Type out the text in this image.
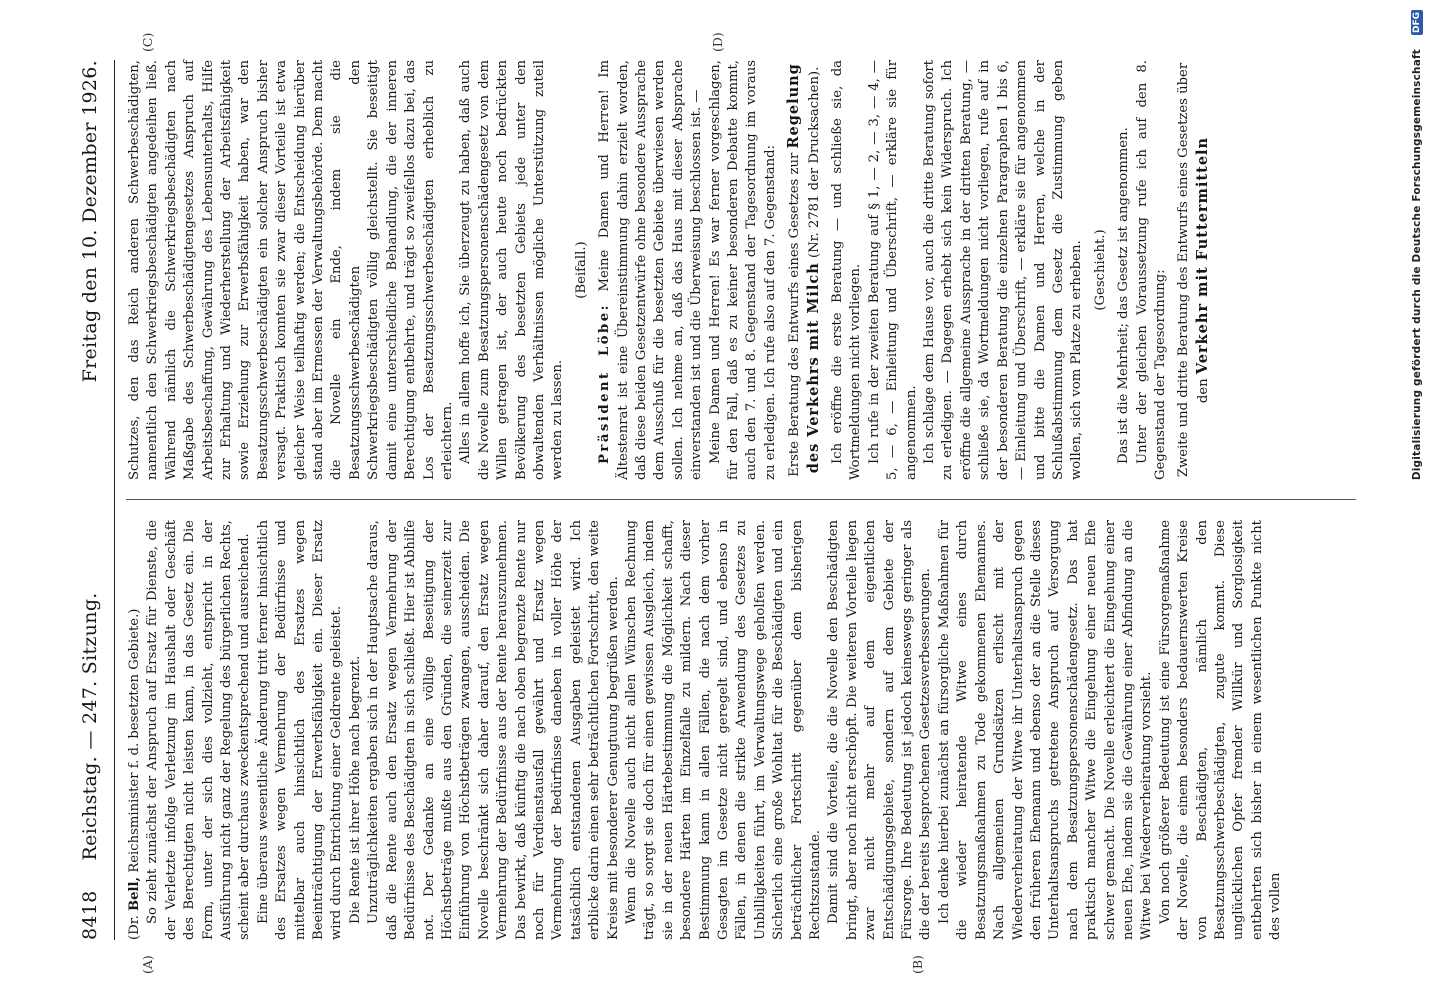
8418
Reichstag. — 247. Sitzung.
Freitag den 10. Dezember 1926.
(A)	(B)
(C)	(D)

(Dr. Bell, Reichsminister f. d. besetzten Gebiete.) So zieht zunächst der Anspruch auf Ersatz für Dienste, die der Verletzte infolge Verletzung im Haushalt oder Geschäft des Berechtigten nicht leisten kann, in das Gesetz ein. Die Form, unter der sich dies vollzieht, entspricht in der Ausführung nicht ganz der Regelung des bürgerlichen Rechts, scheint aber durchaus zweckentsprechend und ausreichend. Eine überaus wesentliche Änderung tritt ferner hinsichtlich des Ersatzes wegen Vermehrung der Bedürfnisse und mittelbar auch hinsichtlich des Ersatzes wegen Beeinträchtigung der Erwerbsfähigkeit ein. Dieser Ersatz wird durch Entrichtung einer Geldrente geleistet. Die Rente ist ihrer Höhe nach begrenzt. Unzuträglichkeiten ergaben sich in der Hauptsache daraus, daß die Rente auch den Ersatz wegen Vermehrung der Bedürfnisse des Beschädigten in sich schließt. Hier ist Abhilfe not. Der Gedanke an eine völlige Beseitigung der Höchstbeträge mußte aus den Gründen, die seinerzeit zur Einführung von Höchstbeträgen zwangen, ausscheiden. Die Novelle beschränkt sich daher darauf, den Ersatz wegen Vermehrung der Bedürfnisse aus der Rente herauszunehmen. Das bewirkt, daß künftig die nach oben begrenzte Rente nur noch für Verdienstausfall gewährt und Ersatz wegen Vermehrung der Bedürfnisse daneben in voller Höhe der tatsächlich entstandenen Ausgaben geleistet wird. Ich erblicke darin einen sehr beträchtlichen Fortschritt, den weite Kreise mit besonderer Genugtuung begrüßen werden. Wenn die Novelle auch nicht allen Wünschen Rechnung trägt, so sorgt sie doch für einen gewissen Ausgleich, indem sie in der neuen Härtebestimmung die Möglichkeit schafft, besondere Härten im Einzelfalle zu mildern. Nach dieser Bestimmung kann in allen Fällen, die nach dem vorher Gesagten im Gesetze nicht geregelt sind, und ebenso in Fällen, in denen die strikte Anwendung des Gesetzes zu Unbilligkeiten führt, im Verwaltungswege geholfen werden. Sicherlich eine große Wohltat für die Beschädigten und ein beträchtlicher Fortschritt gegenüber dem bisherigen Rechtszustande. Damit sind die Vorteile, die die Novelle den Beschädigten bringt, aber noch nicht erschöpft. Die weiteren Vorteile liegen zwar nicht mehr auf dem eigentlichen Entschädigungsgebiete, sondern auf dem Gebiete der Fürsorge. Ihre Bedeutung ist jedoch keineswegs geringer als die der bereits besprochenen Gesetzesverbesserungen. Ich denke hierbei zunächst an fürsorgliche Maßnahmen für die wieder heiratende Witwe eines durch Besatzungsmaßnahmen zu Tode gekommenen Ehemannes. Nach allgemeinen Grundsätzen erlischt mit der Wiederverheiratung der Witwe ihr Unterhaltsanspruch gegen den früheren Ehemann und ebenso der an die Stelle dieses Unterhaltsanspruchs getretene Anspruch auf Versorgung nach dem Besatzungspersonenschädengesetz. Das hat praktisch mancher Witwe die Eingehung einer neuen Ehe schwer gemacht. Die Novelle erleichtert die Eingehung einer neuen Ehe, indem sie die Gewährung einer Abfindung an die Witwe bei Wiederverheiratung vorsieht. Von noch größerer Bedeutung ist eine Fürsorgemaßnahme der Novelle, die einem besonders bedauernswerten Kreise von Beschädigten, nämlich den Besatzungsschwerbeschädigten, zugute kommt. Diese unglücklichen Opfer fremder Willkür und Sorglosigkeit entbehrten sich bisher in einem wesentlichen Punkte nicht des vollen

Schutzes, den das Reich anderen Schwerbeschädigten, namentlich den Schwerkriegsbeschädigten angedeihen ließ. Während nämlich die Schwerkriegsbeschädigten nach Maßgabe des Schwerbeschädigtengesetzes Anspruch auf Arbeitsbeschaffung, Gewährung des Lebensunterhalts, Hilfe zur Erhaltung und Wiederherstellung der Arbeitsfähigkeit sowie Erziehung zur Erwerbsfähigkeit haben, war den Besatzungsschwerbeschädigten ein solcher Anspruch bisher versagt. Praktisch konnten sie zwar dieser Vorteile ist etwa gleicher Weise teilhaftig werden; die Entscheidung hierüber stand aber im Ermessen der Verwaltungsbehörde. Dem macht die Novelle ein Ende, indem sie die Besatzungsschwerbeschädigten den Schwerkriegsbeschädigten völlig gleichstellt. Sie beseitigt damit eine unterschiedliche Behandlung, die der inneren Berechtigung entbehrte, und trägt so zweifellos dazu bei, das Los der Besatzungsschwerbeschädigten erheblich zu erleichtern. Alles in allem hoffe ich, Sie überzeugt zu haben, daß auch die Novelle zum Besatzungspersonenschädengesetz von dem Willen getragen ist, der auch heute noch bedrückten Bevölkerung des besetzten Gebiets jede unter den obwaltenden Verhältnissen mögliche Unterstützung zuteil werden zu lassen.

(Beifall.)

Präsident Löbe: Meine Damen und Herren! Im Ältestenrat ist eine Übereinstimmung dahin erzielt worden, daß diese beiden Gesetzentwürfe ohne besondere Aussprache dem Ausschuß für die besetzten Gebiete überwiesen werden sollen. Ich nehme an, daß das Haus mit dieser Absprache einverstanden ist und die Überweisung beschlossen ist. — Meine Damen und Herren! Es war ferner vorgeschlagen, für den Fall, daß es zu keiner besonderen Debatte kommt, auch den 7. und 8. Gegenstand der Tagesordnung im voraus zu erledigen. Ich rufe also auf den 7. Gegenstand: Erste Beratung des Entwurfs eines Gesetzes zur Regelung des Verkehrs mit Milch (Nr. 2781 der Drucksachen). Ich eröffne die erste Beratung — und schließe sie, da Wortmeldungen nicht vorliegen. Ich rufe in der zweiten Beratung auf § 1, — 2, — 3, — 4, — 5, — 6, — Einleitung und Überschrift, — erkläre sie für angenommen. Ich schlage dem Hause vor, auch die dritte Beratung sofort zu erledigen. — Dagegen erhebt sich kein Widerspruch. Ich eröffne die allgemeine Aussprache in der dritten Beratung, — schließe sie, da Wortmeldungen nicht vorliegen, rufe auf in der besonderen Beratung die einzelnen Paragraphen 1 bis 6, — Einleitung und Überschrift, — erkläre sie für angenommen und bitte die Damen und Herren, welche in der Schlußabstimmung dem Gesetz die Zustimmung geben wollen, sich vom Platze zu erheben. (Geschieht.) Das ist die Mehrheit; das Gesetz ist angenommen. Unter der gleichen Voraussetzung rufe ich auf den 8. Gegenstand der Tagesordnung: Zweite und dritte Beratung des Entwurfs eines Gesetzes über den Verkehr mit Futtermitteln

DFG
Digitalisierung gefördert durch die Deutsche Forschungsgemeinschaft
